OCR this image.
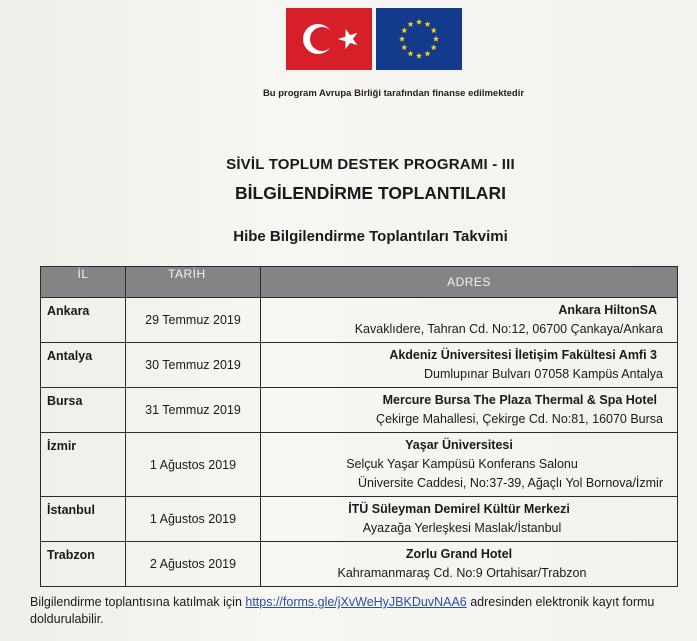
Bu program Avrupa Birliği tarafından finanse edilmektedir
SİVİL TOPLUM DESTEK PROGRAMI - III
BİLGİLENDİRME TOPLANTILARI
Hibe Bilgilendirme Toplantıları Takvimi
İL	TARİH	ADRES
Ankara	29 Temmuz 2019	Ankara HiltonSA
Kavaklıdere, Tahran Cd. No:12, 06700 Çankaya/Ankara

Antalya	30 Temmuz 2019	Akdeniz Üniversitesi İletişim Fakültesi Amfi 3
Dumlupınar Bulvarı 07058 Kampüs Antalya

Bursa	31 Temmuz 2019	Mercure Bursa The Plaza Thermal & Spa Hotel
Çekirge Mahallesi, Çekirge Cd. No:81, 16070 Bursa

İzmir	1 Ağustos 2019	Yaşar Üniversitesi
Selçuk Yaşar Kampüsü Konferans Salonu
Üniversite Caddesi, No:37-39, Ağaçlı Yol Bornova/İzmir

İstanbul	1 Ağustos 2019	İTÜ Süleyman Demirel Kültür Merkezi
Ayazağa Yerleşkesi Maslak/İstanbul

Trabzon	2 Ağustos 2019	Zorlu Grand Hotel
Kahramanmaraş Cd. No:9 Ortahisar/Trabzon
Bilgilendirme toplantısına katılmak için https://forms.gle/jXvWeHyJBKDuvNAA6 adresinden elektronik kayıt formu doldurulabilir.
